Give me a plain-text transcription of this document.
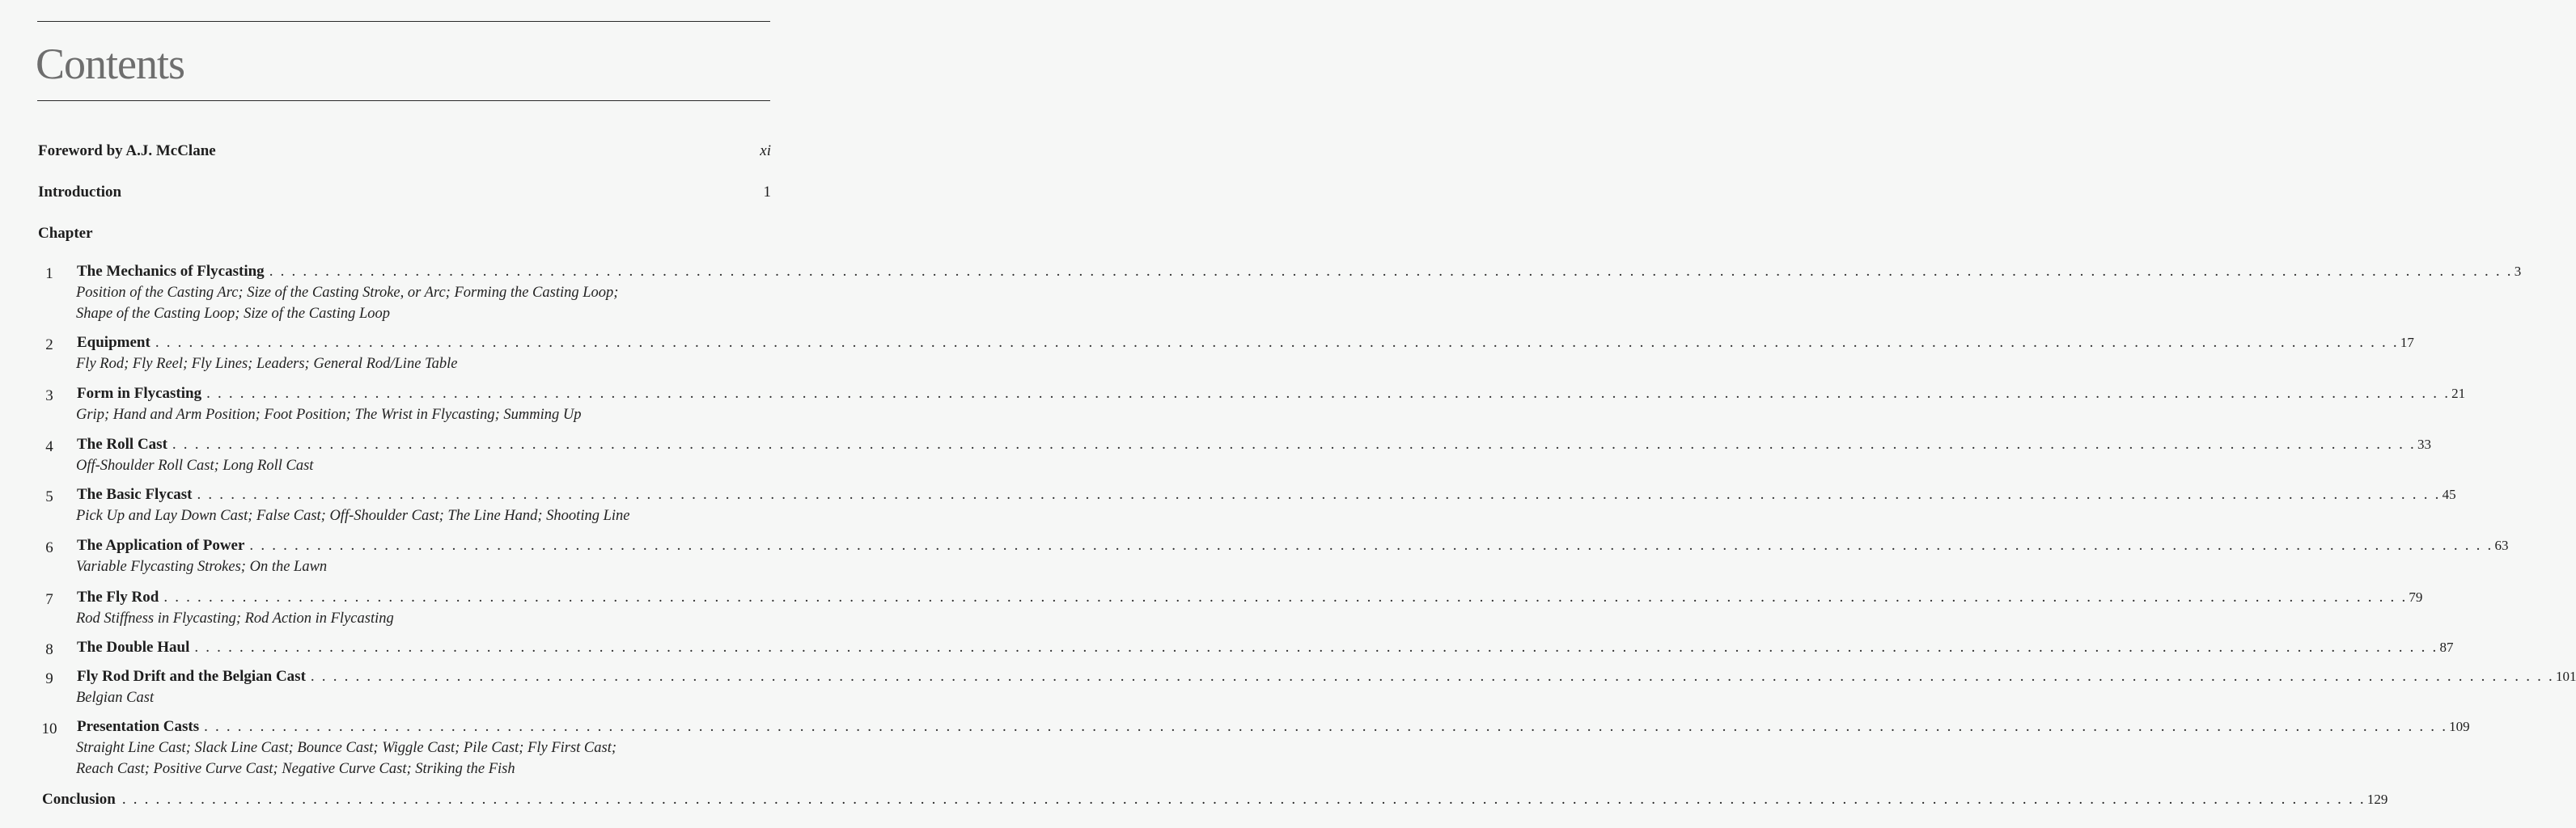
Contents
Foreword by A.J. McClane	xi
Introduction	1
Chapter
1	The Mechanics of Flycasting . . . . . . . . . . . . . . . . . . . . . . . . . . . . . . . . . . . . . . . . . . . . . . . . . . . . . . . . . . . . . . . . . . . . . . . . . . . . . . . . . . . . . . . . . . . . . . . . . . . . . . . . . . . . . . . . . . . . . . . . . . . . . . . . . . . . . . . . . . . . . . . . . . . . . . . . . . . . . . . . . . . . . . . . . . . . . . . . . . . . . . . . . . . . . . . . . . . . . . . . 3
Position of the Casting Arc; Size of the Casting Stroke, or Arc; Forming the Casting Loop;
Shape of the Casting Loop; Size of the Casting Loop
2	Equipment . . . . . . . . . . . . . . . . . . . . . . . . . . . . . . . . . . . . . . . . . . . . . . . . . . . . . . . . . . . . . . . . . . . . . . . . . . . . . . . . . . . . . . . . . . . . . . . . . . . . . . . . . . . . . . . . . . . . . . . . . . . . . . . . . . . . . . . . . . . . . . . . . . . . . . . . . . . . . . . . . . . . . . . . . . . . . . . . . . . . . . . . . . . . . . . . . . . . . . . . 17
Fly Rod; Fly Reel; Fly Lines; Leaders; General Rod/Line Table
3	Form in Flycasting . . . . . . . . . . . . . . . . . . . . . . . . . . . . . . . . . . . . . . . . . . . . . . . . . . . . . . . . . . . . . . . . . . . . . . . . . . . . . . . . . . . . . . . . . . . . . . . . . . . . . . . . . . . . . . . . . . . . . . . . . . . . . . . . . . . . . . . . . . . . . . . . . . . . . . . . . . . . . . . . . . . . . . . . . . . . . . . . . . . . . . . . . . . . . . . . . . . . . . . . 21
Grip; Hand and Arm Position; Foot Position; The Wrist in Flycasting; Summing Up
4	The Roll Cast . . . . . . . . . . . . . . . . . . . . . . . . . . . . . . . . . . . . . . . . . . . . . . . . . . . . . . . . . . . . . . . . . . . . . . . . . . . . . . . . . . . . . . . . . . . . . . . . . . . . . . . . . . . . . . . . . . . . . . . . . . . . . . . . . . . . . . . . . . . . . . . . . . . . . . . . . . . . . . . . . . . . . . . . . . . . . . . . . . . . . . . . . . . . . . . . . . . . . . . . 33
Off-Shoulder Roll Cast; Long Roll Cast
5	The Basic Flycast . . . . . . . . . . . . . . . . . . . . . . . . . . . . . . . . . . . . . . . . . . . . . . . . . . . . . . . . . . . . . . . . . . . . . . . . . . . . . . . . . . . . . . . . . . . . . . . . . . . . . . . . . . . . . . . . . . . . . . . . . . . . . . . . . . . . . . . . . . . . . . . . . . . . . . . . . . . . . . . . . . . . . . . . . . . . . . . . . . . . . . . . . . . . . . . . . . . . . . . . 45
Pick Up and Lay Down Cast; False Cast; Off-Shoulder Cast; The Line Hand; Shooting Line
6	The Application of Power . . . . . . . . . . . . . . . . . . . . . . . . . . . . . . . . . . . . . . . . . . . . . . . . . . . . . . . . . . . . . . . . . . . . . . . . . . . . . . . . . . . . . . . . . . . . . . . . . . . . . . . . . . . . . . . . . . . . . . . . . . . . . . . . . . . . . . . . . . . . . . . . . . . . . . . . . . . . . . . . . . . . . . . . . . . . . . . . . . . . . . . . . . . . . . . . . . . . . . . . 63
Variable Flycasting Strokes; On the Lawn
7	The Fly Rod . . . . . . . . . . . . . . . . . . . . . . . . . . . . . . . . . . . . . . . . . . . . . . . . . . . . . . . . . . . . . . . . . . . . . . . . . . . . . . . . . . . . . . . . . . . . . . . . . . . . . . . . . . . . . . . . . . . . . . . . . . . . . . . . . . . . . . . . . . . . . . . . . . . . . . . . . . . . . . . . . . . . . . . . . . . . . . . . . . . . . . . . . . . . . . . . . . . . . . . . 79
Rod Stiffness in Flycasting; Rod Action in Flycasting
8	The Double Haul . . . . . . . . . . . . . . . . . . . . . . . . . . . . . . . . . . . . . . . . . . . . . . . . . . . . . . . . . . . . . . . . . . . . . . . . . . . . . . . . . . . . . . . . . . . . . . . . . . . . . . . . . . . . . . . . . . . . . . . . . . . . . . . . . . . . . . . . . . . . . . . . . . . . . . . . . . . . . . . . . . . . . . . . . . . . . . . . . . . . . . . . . . . . . . . . . . . . . . . . 87
9	Fly Rod Drift and the Belgian Cast . . . . . . . . . . . . . . . . . . . . . . . . . . . . . . . . . . . . . . . . . . . . . . . . . . . . . . . . . . . . . . . . . . . . . . . . . . . . . . . . . . . . . . . . . . . . . . . . . . . . . . . . . . . . . . . . . . . . . . . . . . . . . . . . . . . . . . . . . . . . . . . . . . . . . . . . . . . . . . . . . . . . . . . . . . . . . . . . . . . . . . . . . . . . . . . . . . . . . . . . 101
Belgian Cast
10 Presentation Casts . . . . . . . . . . . . . . . . . . . . . . . . . . . . . . . . . . . . . . . . . . . . . . . . . . . . . . . . . . . . . . . . . . . . . . . . . . . . . . . . . . . . . . . . . . . . . . . . . . . . . . . . . . . . . . . . . . . . . . . . . . . . . . . . . . . . . . . . . . . . . . . . . . . . . . . . . . . . . . . . . . . . . . . . . . . . . . . . . . . . . . . . . . . . . . . . . . . . . . . . 109
Straight Line Cast; Slack Line Cast; Bounce Cast; Wiggle Cast; Pile Cast; Fly First Cast;
Reach Cast; Positive Curve Cast; Negative Curve Cast; Striking the Fish
Conclusion . . . . . . . . . . . . . . . . . . . . . . . . . . . . . . . . . . . . . . . . . . . . . . . . . . . . . . . . . . . . . . . . . . . . . . . . . . . . . . . . . . . . . . . . . . . . . . . . . . . . . . . . . . . . . . . . . . . . . . . . . . . . . . . . . . . . . . . . . . . . . . . . . . . . . . . . . . . . . . . . . . . . . . . . . . . . . . . . . . . . . . . . . . . . . . . . . . . . . . . . 129
